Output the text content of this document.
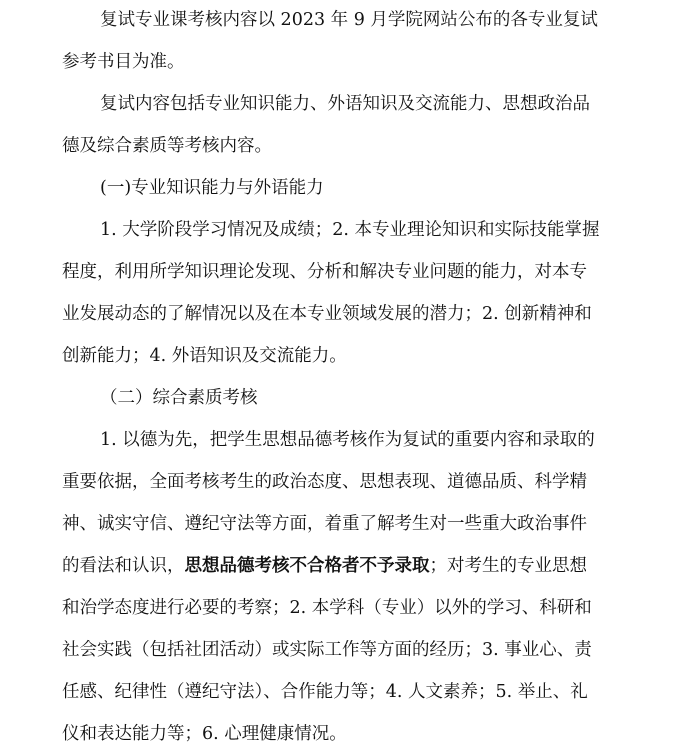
复试专业课考核内容以 2023 年 9 月学院网站公布的各专业复试
参考书目为准。
复试内容包括专业知识能力、外语知识及交流能力、思想政治品
德及综合素质等考核内容。
(一)专业知识能力与外语能力
1. 大学阶段学习情况及成绩；2. 本专业理论知识和实际技能掌握
程度，利用所学知识理论发现、分析和解决专业问题的能力，对本专
业发展动态的了解情况以及在本专业领域发展的潜力；2. 创新精神和
创新能力；4. 外语知识及交流能力。
（二）综合素质考核
1. 以德为先，把学生思想品德考核作为复试的重要内容和录取的
重要依据，全面考核考生的政治态度、思想表现、道德品质、科学精
神、诚实守信、遵纪守法等方面，着重了解考生对一些重大政治事件
的看法和认识，思想品德考核不合格者不予录取；对考生的专业思想
和治学态度进行必要的考察；2. 本学科（专业）以外的学习、科研和
社会实践（包括社团活动）或实际工作等方面的经历；3. 事业心、责
任感、纪律性（遵纪守法）、合作能力等；4. 人文素养；5. 举止、礼
仪和表达能力等；6. 心理健康情况。
